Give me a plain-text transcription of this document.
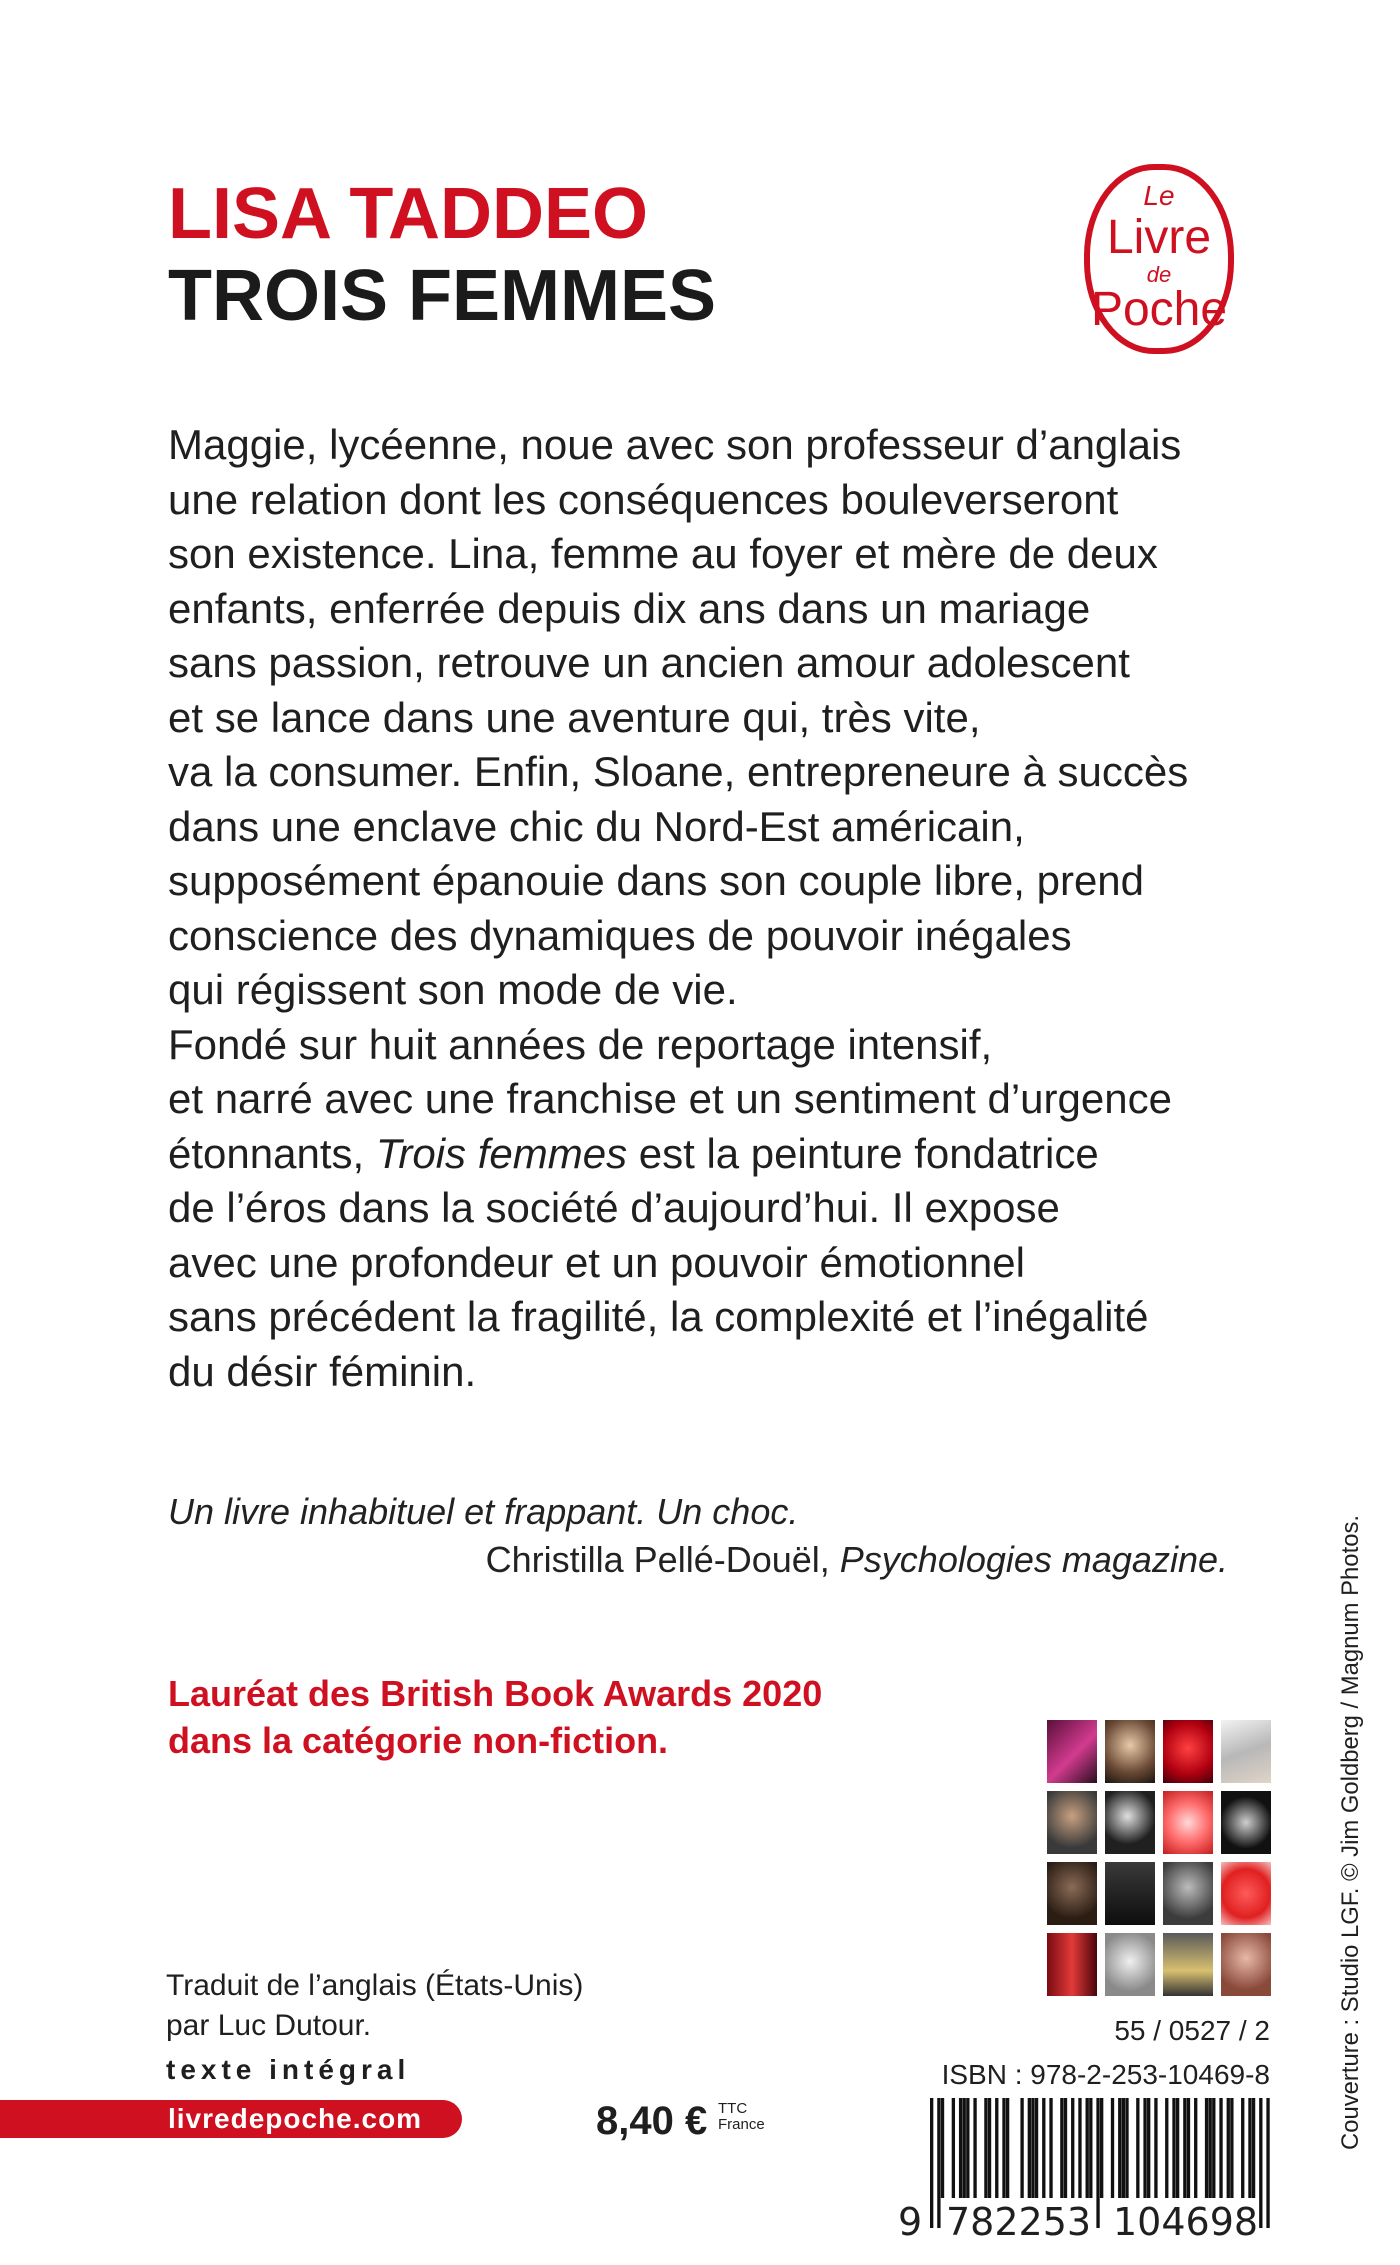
LISA TADDEO
TROIS FEMMES
Le
Livre
de
Poche
Maggie, lycéenne, noue avec son professeur d’anglais
une relation dont les conséquences bouleverseront
son existence. Lina, femme au foyer et mère de deux
enfants, enferrée depuis dix ans dans un mariage
sans passion, retrouve un ancien amour adolescent
et se lance dans une aventure qui, très vite,
va la consumer. Enfin, Sloane, entrepreneure à succès
dans une enclave chic du Nord-Est américain,
supposément épanouie dans son couple libre, prend
conscience des dynamiques de pouvoir inégales
qui régissent son mode de vie.
Fondé sur huit années de reportage intensif,
et narré avec une franchise et un sentiment d’urgence
étonnants, Trois femmes est la peinture fondatrice
de l’éros dans la société d’aujourd’hui. Il expose
avec une profondeur et un pouvoir émotionnel
sans précédent la fragilité, la complexité et l’inégalité
du désir féminin.
Un livre inhabituel et frappant. Un choc.
Christilla Pellé-Douël, Psychologies magazine.
Lauréat des British Book Awards 2020
dans la catégorie non-fiction.	Couverture : Studio LGF. © Jim Goldberg / Magnum Photos.
Traduit de l’anglais (États-Unis)
par Luc Dutour.
texte intégral
livredepoche.com	8,40 € TTC
France
55 / 0527 / 2
ISBN : 978-2-253-10469-8
9 782253 104698
